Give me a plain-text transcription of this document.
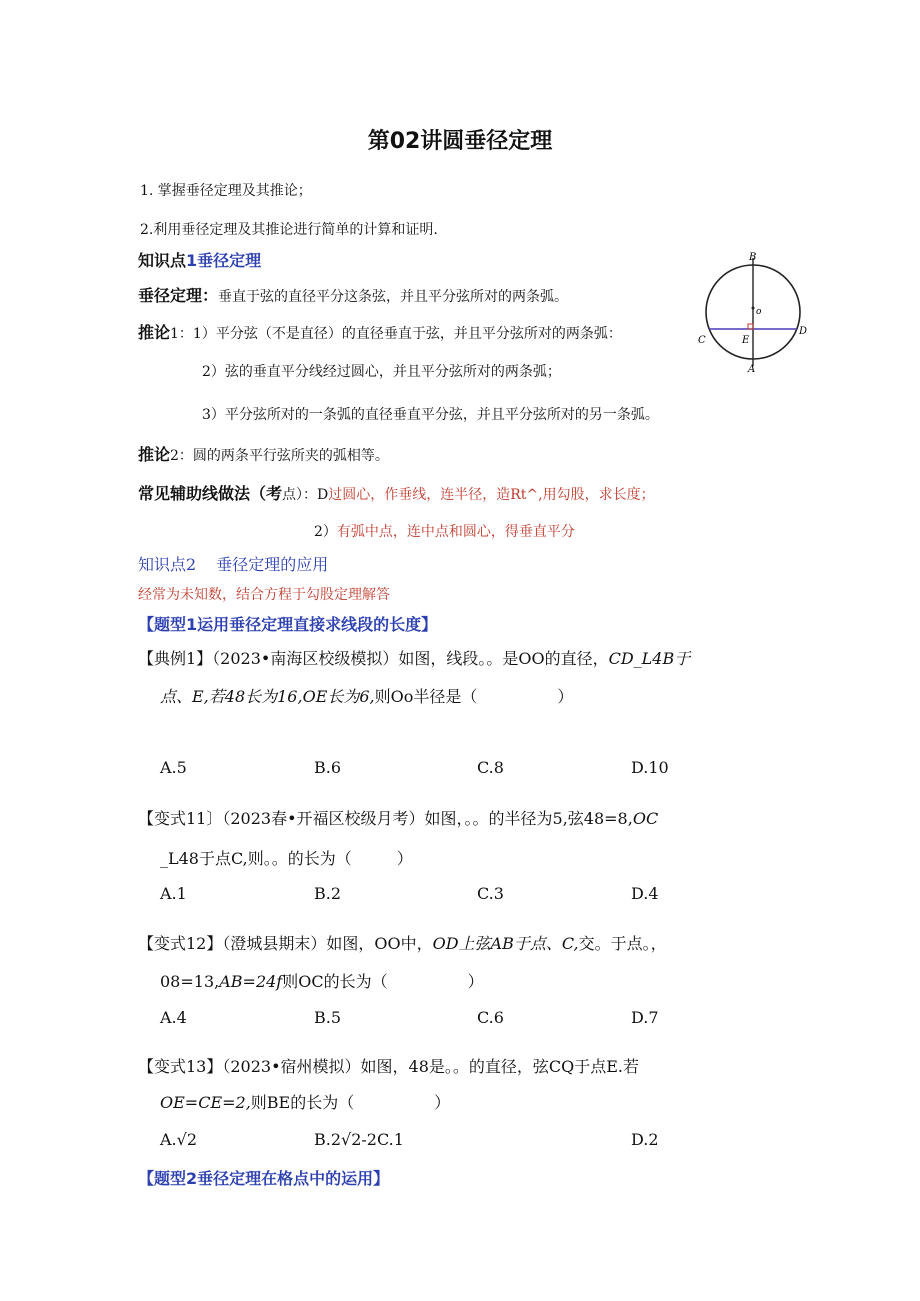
第02讲圆垂径定理
1. 掌握垂径定理及其推论；
2.利用垂径定理及其推论进行简单的计算和证明.
知识点1垂径定理
垂径定理：垂直于弦的直径平分这条弦，并且平分弦所对的两条弧。
推论1：1）平分弦（不是直径）的直径垂直于弦，并且平分弦所对的两条弧：
2）弦的垂直平分线经过圆心，并且平分弦所对的两条弧；
3）平分弦所对的一条弧的直径垂直平分弦，并且平分弦所对的另一条弧。
推论2：圆的两条平行弦所夹的弧相等。
常见辅助线做法（考点）：D过圆心，作垂线，连半径，造Rt^,用勾股，求长度；
2）有弧中点，连中点和圆心，得垂直平分
知识点2 垂径定理的应用
经常为未知数，结合方程于勾股定理解答
【题型1运用垂径定理直接求线段的长度】
【典例1】（2023•南海区校级模拟）如图，线段。。是OO的直径，CD_L4B于
点、E,若48长为16,OE长为6,则Oo半径是（	）
A.5	B.6	C.8	D.10
【变式11〕（2023春•开福区校级月考）如图，。。的半径为5,弦48=8,OC
_L48于点C,则。。的长为（	）
A.1	B.2	C.3	D.4
【变式12】（澄城县期末）如图，OO中，OD上弦AB于点、C,交。于点。，
08=13,AB=24f则OC的长为（	）
A.4	B.5	C.6	D.7
【变式13】（2023•宿州模拟）如图，48是。。的直径，弦CQ于点E.若
OE=CE=2,则BE的长为（	）
A.√2	B.2√2-2C.1	D.2
【题型2垂径定理在格点中的运用】
B
o
C	E
D
A
